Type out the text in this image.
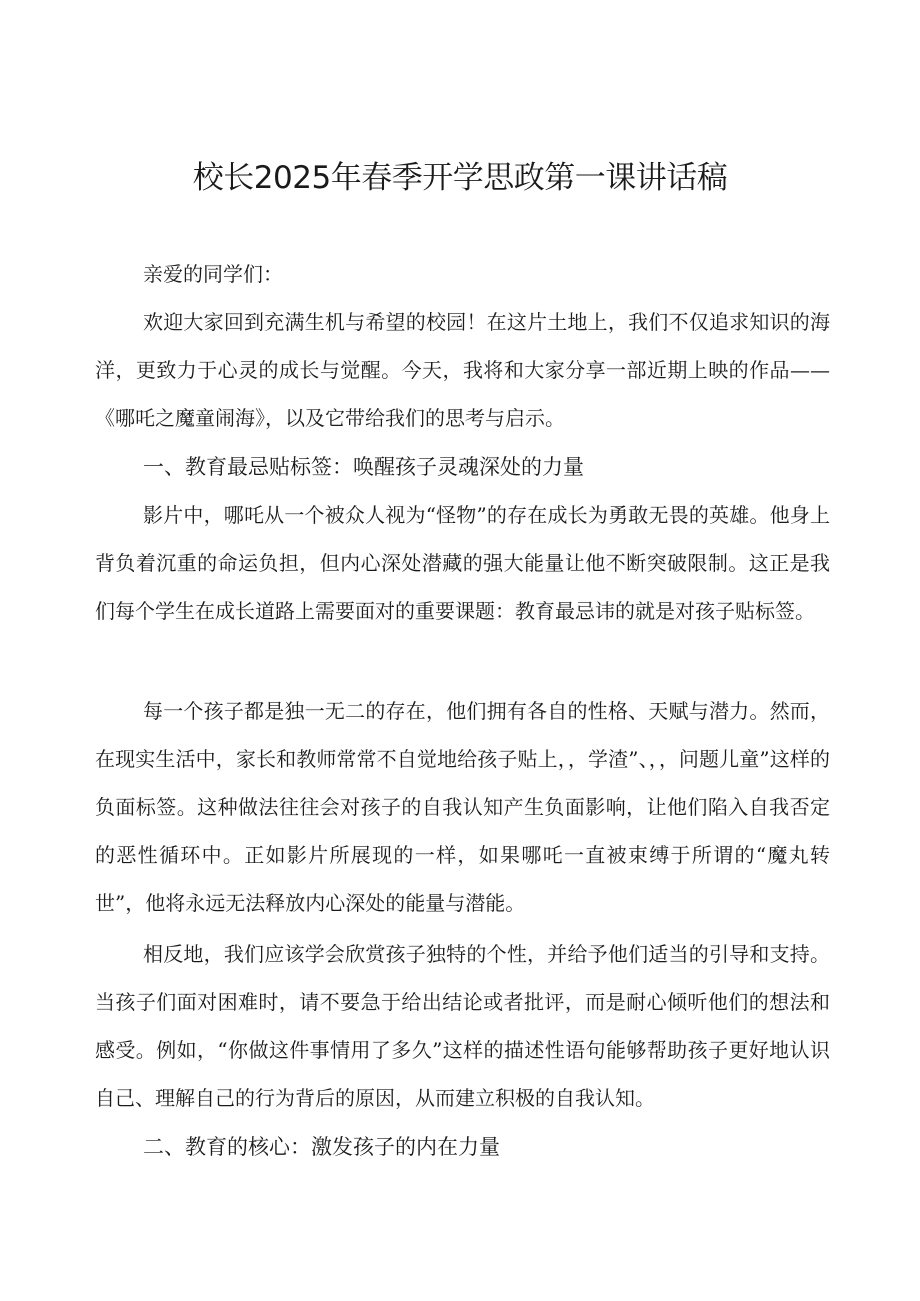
校长2025年春季开学思政第一课讲话稿

亲爱的同学们：

欢迎大家回到充满生机与希望的校园！在这片土地上，我们不仅追求知识的海洋，更致力于心灵的成长与觉醒。今天，我将和大家分享一部近期上映的作品——《哪吒之魔童闹海》，以及它带给我们的思考与启示。

一、教育最忌贴标签：唤醒孩子灵魂深处的力量

影片中，哪吒从一个被众人视为“怪物”的存在成长为勇敢无畏的英雄。他身上背负着沉重的命运负担，但内心深处潜藏的强大能量让他不断突破限制。这正是我们每个学生在成长道路上需要面对的重要课题：教育最忌讳的就是对孩子贴标签。

每一个孩子都是独一无二的存在，他们拥有各自的性格、天赋与潜力。然而，在现实生活中，家长和教师常常不自觉地给孩子贴上，，学渣”、，，问题儿童”这样的负面标签。这种做法往往会对孩子的自我认知产生负面影响，让他们陷入自我否定的恶性循环中。正如影片所展现的一样，如果哪吒一直被束缚于所谓的“魔丸转世”，他将永远无法释放内心深处的能量与潜能。

相反地，我们应该学会欣赏孩子独特的个性，并给予他们适当的引导和支持。当孩子们面对困难时，请不要急于给出结论或者批评，而是耐心倾听他们的想法和感受。例如，“你做这件事情用了多久”这样的描述性语句能够帮助孩子更好地认识自己、理解自己的行为背后的原因，从而建立积极的自我认知。

二、教育的核心：激发孩子的内在力量
